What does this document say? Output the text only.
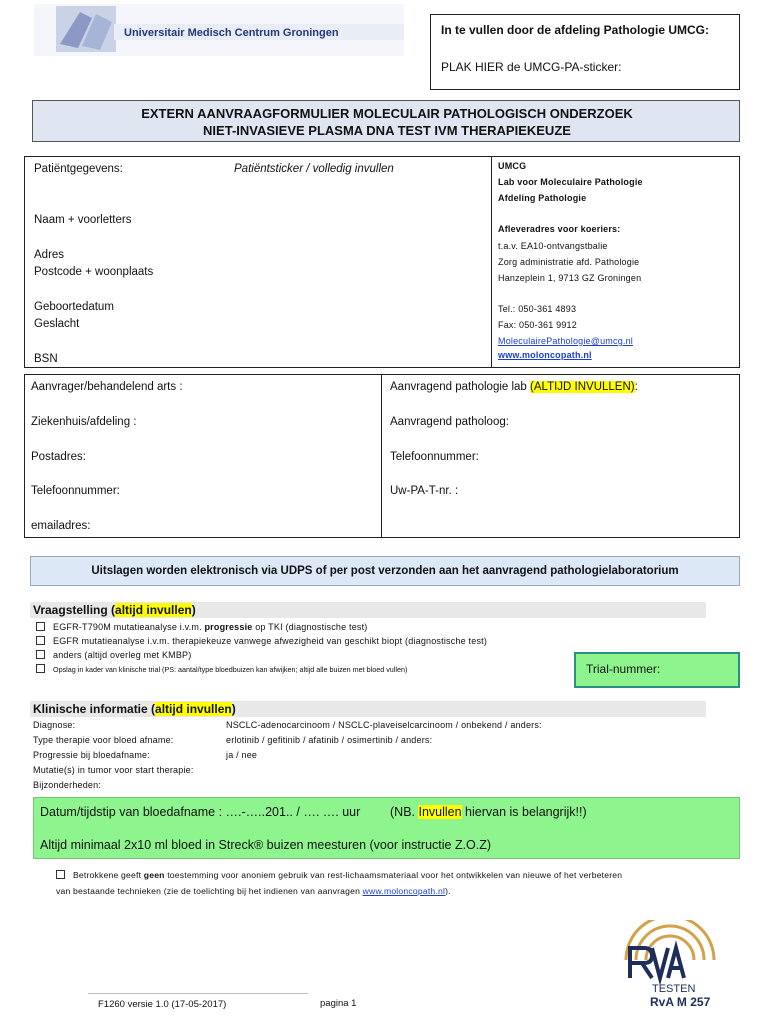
Universitair Medisch Centrum Groningen	In te vullen door de afdeling Pathologie UMCG:
PLAK HIER de UMCG-PA-sticker:
EXTERN AANVRAAGFORMULIER MOLECULAIR PATHOLOGISCH ONDERZOEK
NIET-INVASIEVE PLASMA DNA TEST IVM THERAPIEKEUZE
Patiëntgegevens:	Patiëntsticker / volledig invullen
Naam + voorletters
Adres
Postcode + woonplaats
Geboortedatum
Geslacht
BSN
UMCG
Lab voor Moleculaire Pathologie
Afdeling Pathologie
Afleveradres voor koeriers:
t.a.v. EA10-ontvangstbalie
Zorg administratie afd. Pathologie
Hanzeplein 1, 9713 GZ Groningen
Tel.: 050-361 4893
Fax: 050-361 9912
MoleculairePathologie@umcg.nl
www.moloncopath.nl
Aanvrager/behandelend arts :
Ziekenhuis/afdeling :
Postadres:
Telefoonnummer:
emailadres:
Aanvragend pathologie lab (ALTIJD INVULLEN):
Aanvragend patholoog:
Telefoonnummer:
Uw-PA-T-nr. :
Uitslagen worden elektronisch via UDPS of per post verzonden aan het aanvragend pathologielaboratorium
Vraagstelling (altijd invullen)
EGFR-T790M mutatieanalyse i.v.m. progressie op TKI (diagnostische test)
EGFR mutatieanalyse i.v.m. therapiekeuze vanwege afwezigheid van geschikt biopt (diagnostische test)
anders (altijd overleg met KMBP)
Opslag in kader van klinische trial (PS: aantal/type bloedbuizen kan afwijken; altijd alle buizen met bloed vullen)	Trial-nummer:
Klinische informatie (altijd invullen)
Diagnose:	NSCLC-adenocarcinoom / NSCLC-plaveiselcarcinoom / onbekend / anders:
Type therapie voor bloed afname:	erlotinib / gefitinib / afatinib / osimertinib / anders:
Progressie bij bloedafname:	ja / nee
Mutatie(s) in tumor voor start therapie:
Bijzonderheden:
Datum/tijdstip van bloedafname : ….-…..201.. / …. …. uur (NB. Invullen hiervan is belangrijk!!)
Altijd minimaal 2x10 ml bloed in Streck® buizen meesturen (voor instructie Z.O.Z)
Betrokkene geeft geen toestemming voor anoniem gebruik van rest-lichaamsmateriaal voor het ontwikkelen van nieuwe of het verbeteren
van bestaande technieken (zie de toelichting bij het indienen van aanvragen www.moloncopath.nl).
TESTEN
RvA M 257
F1260 versie 1.0 (17-05-2017)	pagina 1
